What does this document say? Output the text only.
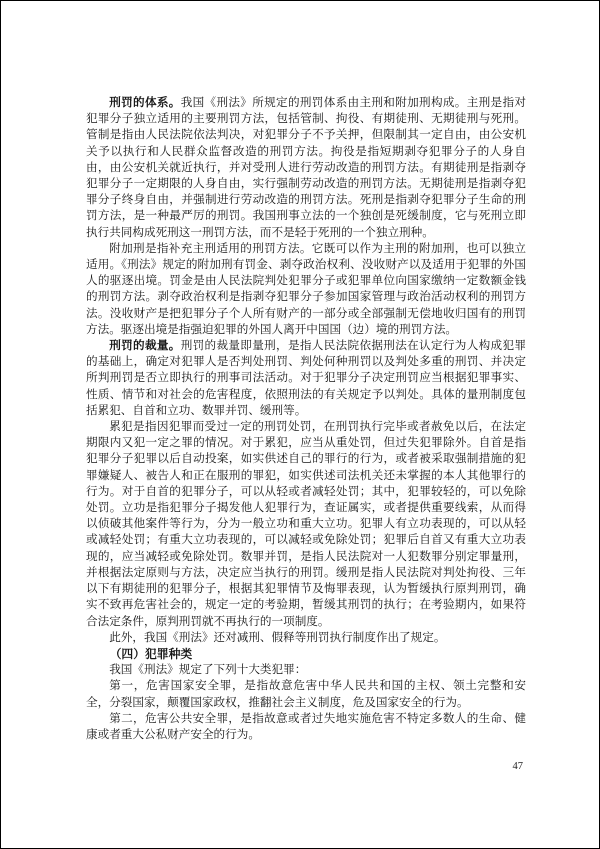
刑罚的体系。我国《刑法》所规定的刑罚体系由主刑和附加刑构成。主刑是指对犯罪分子独立适用的主要刑罚方法，包括管制、拘役、有期徒刑、无期徒刑与死刑。管制是指由人民法院依法判决，对犯罪分子不予关押，但限制其一定自由，由公安机关予以执行和人民群众监督改造的刑罚方法。拘役是指短期剥夺犯罪分子的人身自由，由公安机关就近执行，并对受刑人进行劳动改造的刑罚方法。有期徒刑是指剥夺犯罪分子一定期限的人身自由，实行强制劳动改造的刑罚方法。无期徒刑是指剥夺犯罪分子终身自由，并强制进行劳动改造的刑罚方法。死刑是指剥夺犯罪分子生命的刑罚方法，是一种最严厉的刑罚。我国刑事立法的一个独创是死缓制度，它与死刑立即执行共同构成死刑这一刑罚方法，而不是轻于死刑的一个独立刑种。

附加刑是指补充主刑适用的刑罚方法。它既可以作为主刑的附加刑，也可以独立适用。《刑法》规定的附加刑有罚金、剥夺政治权利、没收财产以及适用于犯罪的外国人的驱逐出境。罚金是由人民法院判处犯罪分子或犯罪单位向国家缴纳一定数额金钱的刑罚方法。剥夺政治权利是指剥夺犯罪分子参加国家管理与政治活动权利的刑罚方法。没收财产是把犯罪分子个人所有财产的一部分或全部强制无偿地收归国有的刑罚方法。驱逐出境是指强迫犯罪的外国人离开中国国（边）境的刑罚方法。

刑罚的裁量。刑罚的裁量即量刑，是指人民法院依据刑法在认定行为人构成犯罪的基础上，确定对犯罪人是否判处刑罚、判处何种刑罚以及判处多重的刑罚、并决定所判刑罚是否立即执行的刑事司法活动。对于犯罪分子决定刑罚应当根据犯罪事实、性质、情节和对社会的危害程度，依照刑法的有关规定予以判处。具体的量刑制度包括累犯、自首和立功、数罪并罚、缓刑等。

累犯是指因犯罪而受过一定的刑罚处罚，在刑罚执行完毕或者赦免以后，在法定期限内又犯一定之罪的情况。对于累犯，应当从重处罚，但过失犯罪除外。自首是指犯罪分子犯罪以后自动投案，如实供述自己的罪行的行为，或者被采取强制措施的犯罪嫌疑人、被告人和正在服刑的罪犯，如实供述司法机关还未掌握的本人其他罪行的行为。对于自首的犯罪分子，可以从轻或者减轻处罚；其中，犯罪较轻的，可以免除处罚。立功是指犯罪分子揭发他人犯罪行为，查证属实，或者提供重要线索，从而得以侦破其他案件等行为，分为一般立功和重大立功。犯罪人有立功表现的，可以从轻或减轻处罚；有重大立功表现的，可以减轻或免除处罚；犯罪后自首又有重大立功表现的，应当减轻或免除处罚。数罪并罚，是指人民法院对一人犯数罪分别定罪量刑，并根据法定原则与方法，决定应当执行的刑罚。缓刑是指人民法院对判处拘役、三年以下有期徒刑的犯罪分子，根据其犯罪情节及悔罪表现，认为暂缓执行原判刑罚，确实不致再危害社会的，规定一定的考验期，暂缓其刑罚的执行；在考验期内，如果符合法定条件，原判刑罚就不再执行的一项制度。

此外，我国《刑法》还对减刑、假释等刑罚执行制度作出了规定。

（四）犯罪种类

我国《刑法》规定了下列十大类犯罪：

第一，危害国家安全罪，是指故意危害中华人民共和国的主权、领土完整和安全，分裂国家，颠覆国家政权，推翻社会主义制度，危及国家安全的行为。

第二，危害公共安全罪，是指故意或者过失地实施危害不特定多数人的生命、健康或者重大公私财产安全的行为。

47
